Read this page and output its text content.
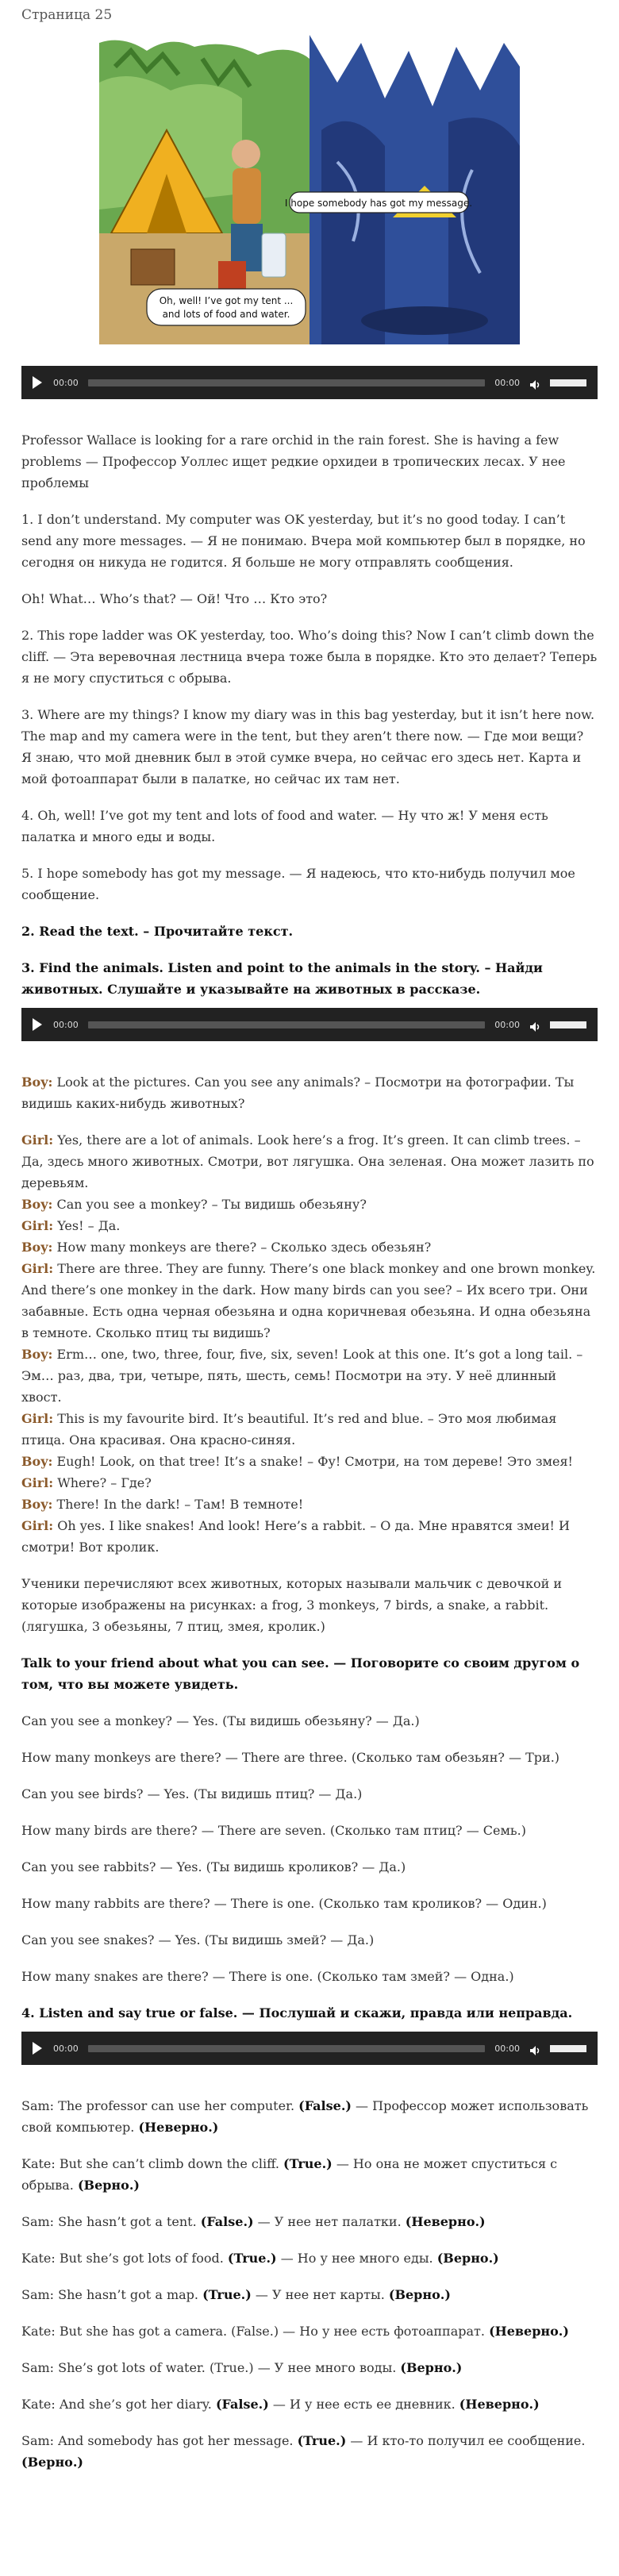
Страница 25
I hope somebody has got my message.
Oh, well! I’ve got my tent ...
and lots of food and water.
00:00	00:00

Professor Wallace is looking for a rare orchid in the rain forest. She is having a few problems — Профессор Уоллес ищет редкие орхидеи в тропических лесах. У нее проблемы

1. I don’t understand. My computer was OK yesterday, but it’s no good today. I can’t send any more messages. — Я не понимаю. Вчера мой компьютер был в порядке, но сегодня он никуда не годится. Я больше не могу отправлять сообщения.

Oh! What… Who’s that? — Ой! Что … Кто это?

2. This rope ladder was OK yesterday, too. Who’s doing this? Now I can’t climb down the cliff. — Эта веревочная лестница вчера тоже была в порядке. Кто это делает? Теперь я не могу спуститься с обрыва.

3. Where are my things? I know my diary was in this bag yesterday, but it isn’t here now. The map and my camera were in the tent, but they aren’t there now. — Где мои вещи? Я знаю, что мой дневник был в этой сумке вчера, но сейчас его здесь нет. Карта и мой фотоаппарат были в палатке, но сейчас их там нет.

4. Oh, well! I’ve got my tent and lots of food and water. — Ну что ж! У меня есть палатка и много еды и воды.

5. I hope somebody has got my message. — Я надеюсь, что кто-нибудь получил мое сообщение.

2. Read the text. – Прочитайте текст.

3. Find the animals. Listen and point to the animals in the story. – Найди животных. Слушайте и указывайте на животных в рассказе.

00:00	00:00

Boy: Look at the pictures. Can you see any animals? – Посмотри на фотографии. Ты видишь каких-нибудь животных?

Girl: Yes, there are a lot of animals. Look here’s a frog. It’s green. It can climb trees. – Да, здесь много животных. Смотри, вот лягушка. Она зеленая. Она может лазить по деревьям.

Boy: Can you see a monkey? – Ты видишь обезьяну?

Girl: Yes! – Да.

Boy: How many monkeys are there? – Сколько здесь обезьян?

Girl: There are three. They are funny. There’s one black monkey and one brown monkey. And there’s one monkey in the dark. How many birds can you see? – Их всего три. Они забавные. Есть одна черная обезьяна и одна коричневая обезьяна. И одна обезьяна в темноте. Сколько птиц ты видишь?

Boy: Erm… one, two, three, four, five, six, seven! Look at this one. It’s got a long tail. – Эм… раз, два, три, четыре, пять, шесть, семь! Посмотри на эту. У неё длинный хвост.

Girl: This is my favourite bird. It’s beautiful. It’s red and blue. – Это моя любимая птица. Она красивая. Она красно-синяя.

Boy: Eugh! Look, on that tree! It’s a snake! – Фу! Смотри, на том дереве! Это змея!

Girl: Where? – Где?

Boy: There! In the dark! – Там! В темноте!

Girl: Oh yes. I like snakes! And look! Here’s a rabbit. – О да. Мне нравятся змеи! И смотри! Вот кролик.

Ученики перечисляют всех животных, которых называли мальчик с девочкой и которые изображены на рисунках: a frog, 3 monkeys, 7 birds, a snake, a rabbit. (лягушка, 3 обезьяны, 7 птиц, змея, кролик.)

Talk to your friend about what you can see. — Поговорите со своим другом о том, что вы можете увидеть.

Can you see a monkey? — Yes. (Ты видишь обезьяну? — Да.)

How many monkeys are there? — There are three. (Сколько там обезьян? — Три.)

Can you see birds? — Yes. (Ты видишь птиц? — Да.)

How many birds are there? — There are seven. (Сколько там птиц? — Семь.)

Can you see rabbits? — Yes. (Ты видишь кроликов? — Да.)

How many rabbits are there? — There is one. (Сколько там кроликов? — Один.)

Can you see snakes? — Yes. (Ты видишь змей? — Да.)

How many snakes are there? — There is one. (Сколько там змей? — Одна.)

4. Listen and say true or false. — Послушай и скажи, правда или неправда.

00:00	00:00

Sam: The professor can use her computer. (False.) — Профессор может использовать свой компьютер. (Неверно.)

Kate: But she can’t climb down the cliff. (True.) — Но она не может спуститься с обрыва. (Верно.)

Sam: She hasn’t got a tent. (False.) — У нее нет палатки. (Неверно.)

Kate: But she’s got lots of food. (True.) — Но у нее много еды. (Верно.)

Sam: She hasn’t got a map. (True.) — У нее нет карты. (Верно.)

Kate: But she has got a camera. (False.) — Но у нее есть фотоаппарат. (Неверно.)

Sam: She’s got lots of water. (True.) — У нее много воды. (Верно.)

Kate: And she’s got her diary. (False.) — И у нее есть ее дневник. (Неверно.)

Sam: And somebody has got her message. (True.) — И кто-то получил ее сообщение. (Верно.)
